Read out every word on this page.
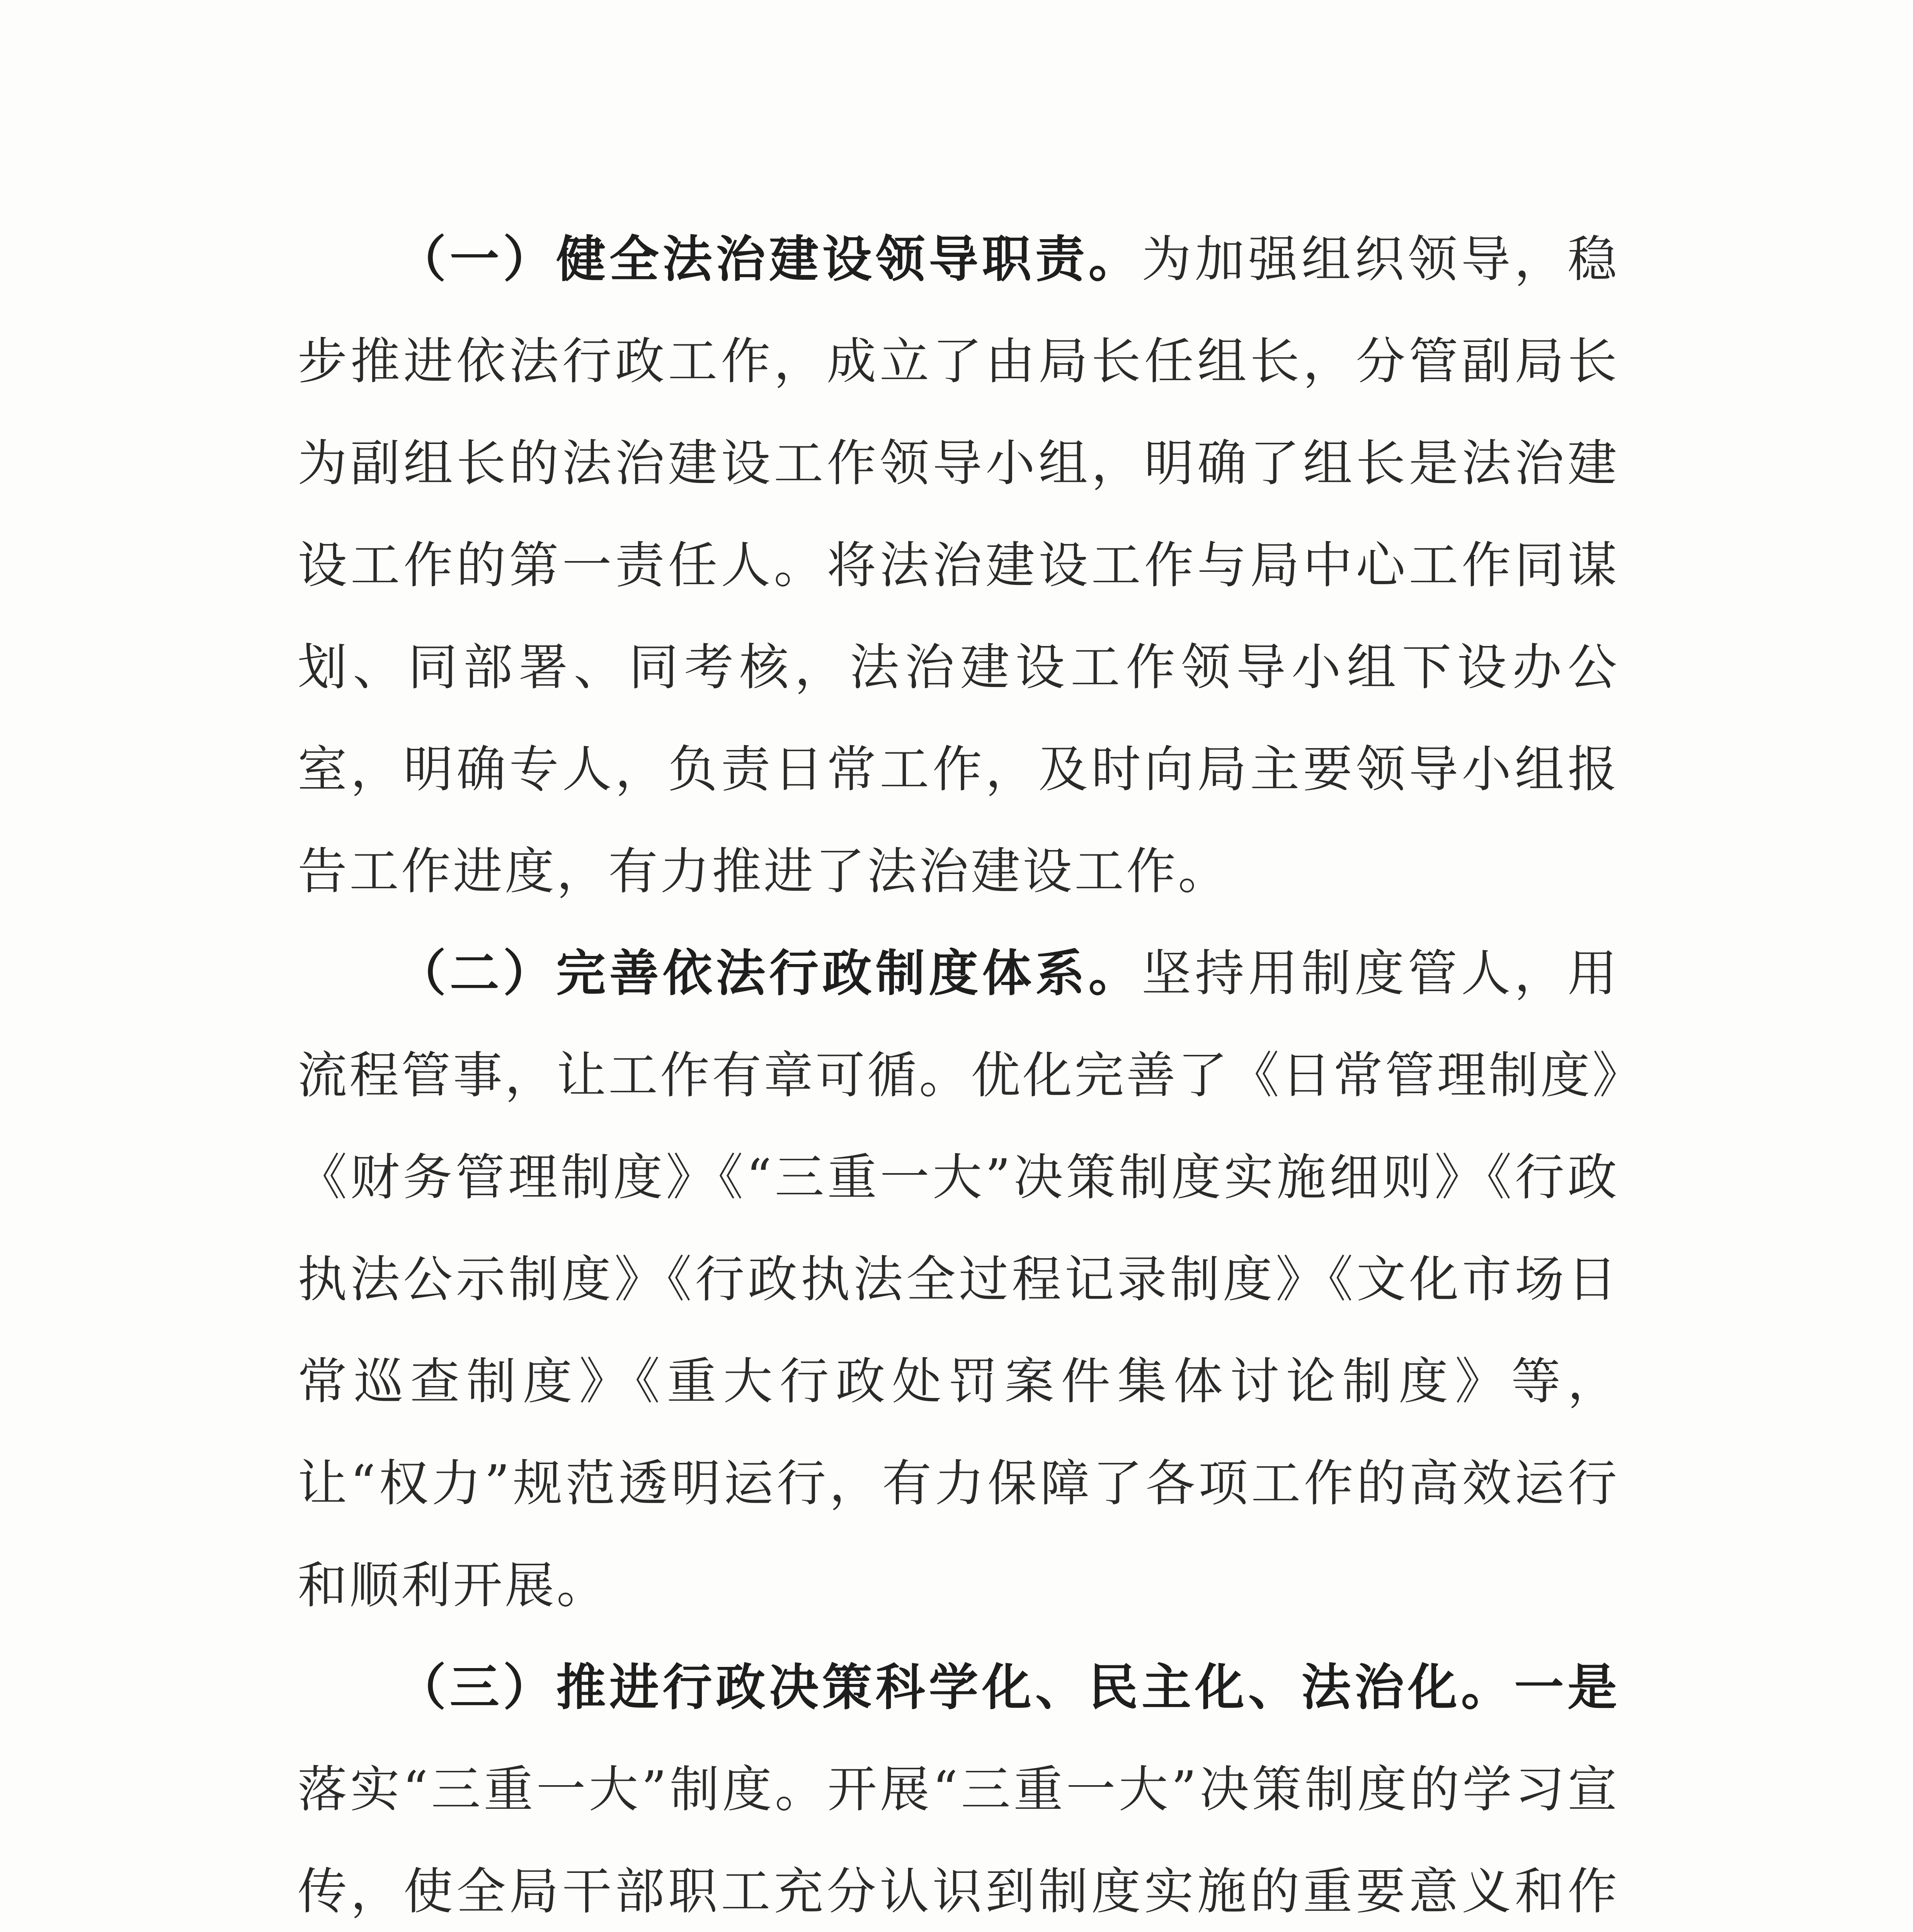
（一）健全法治建设领导职责。为加强组织领导，稳步推进依法行政工作，成立了由局长任组长，分管副局长为副组长的法治建设工作领导小组，明确了组长是法治建设工作的第一责任人。将法治建设工作与局中心工作同谋划、同部署、同考核，法治建设工作领导小组下设办公室，明确专人，负责日常工作，及时向局主要领导小组报告工作进度，有力推进了法治建设工作。

（二）完善依法行政制度体系。坚持用制度管人，用流程管事，让工作有章可循。优化完善了《日常管理制度》《财务管理制度》《“三重一大”决策制度实施细则》《行政执法公示制度》《行政执法全过程记录制度》《文化市场日常巡查制度》《重大行政处罚案件集体讨论制度》等，让“权力”规范透明运行，有力保障了各项工作的高效运行和顺利开展。

（三）推进行政决策科学化、民主化、法治化。一是落实“三重一大”制度。开展“三重一大”决策制度的学习宣传，使全局干部职工充分认识到制度实施的重要意义和作
